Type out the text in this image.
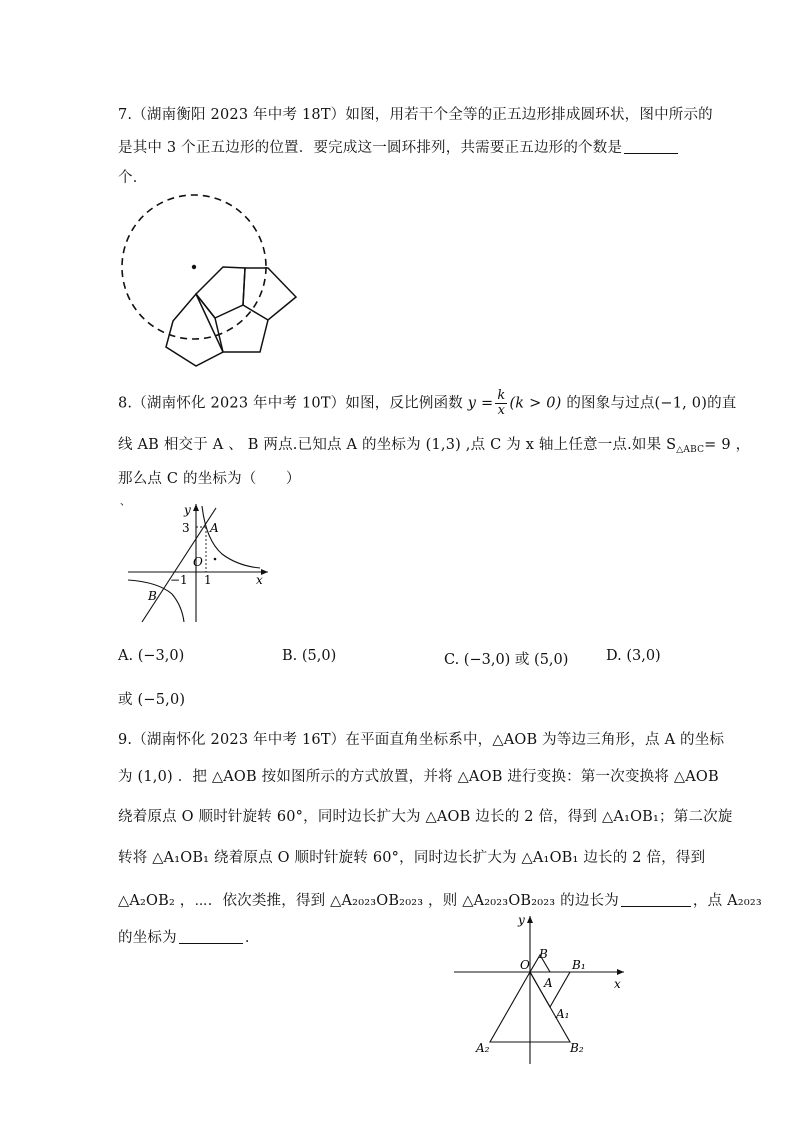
7.（湖南衡阳 2023 年中考 18T）如图，用若干个全等的正五边形排成圆环状，图中所示的
是其中 3 个正五边形的位置．要完成这一圆环排列，共需要正五边形的个数是
个．
8.（湖南怀化 2023 年中考 10T）如图，反比例函数 $y = \frac{k}{x} (k > 0)$ 的图象与过点(−1, 0)的直
线 AB 相交于 A 、 B 两点.已知点 A 的坐标为 (1,3) ,点 C 为 x 轴上任意一点.如果 $S_{\triangle ABC}= 9$ ，
那么点 C 的坐标为（　　）
、
y
x
3 A
O
−1 1
B
A. (−3,0)	B. (5,0)	C. (−3,0) 或 (5,0)	D. (3,0)
或 (−5,0)
9.（湖南怀化 2023 年中考 16T）在平面直角坐标系中，△AOB 为等边三角形，点 A 的坐标
为 (1,0) ．把 △AOB 按如图所示的方式放置，并将 △AOB 进行变换：第一次变换将 △AOB
绕着原点 O 顺时针旋转 60°，同时边长扩大为 △AOB 边长的 2 倍，得到 △A₁OB₁；第二次旋
转将 △A₁OB₁ 绕着原点 O 顺时针旋转 60°，同时边长扩大为 △A₁OB₁ 边长的 2 倍，得到
△A₂OB₂ ，⋯．依次类推，得到 △A₂₀₂₃OB₂₀₂₃ ，则 △A₂₀₂₃OB₂₀₂₃ 的边长为	，点 A₂₀₂₃
的坐标为	．
y
x
O
B
A
B₁
A₁
A₂	B₂
